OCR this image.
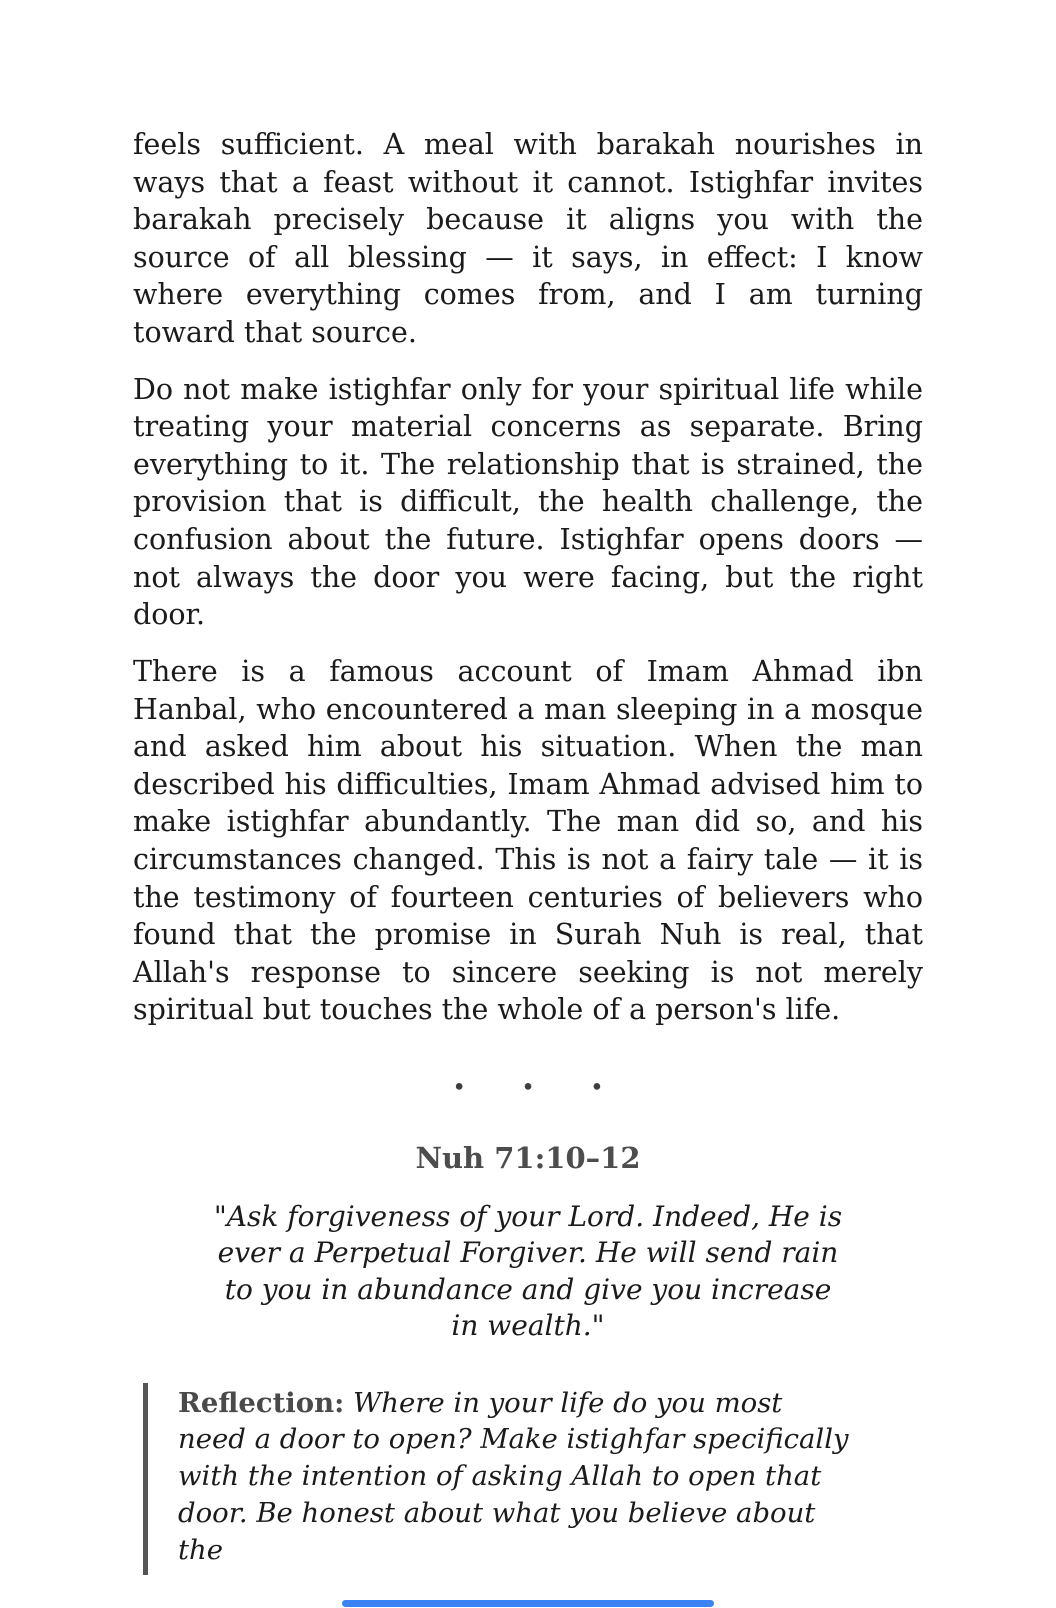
feels sufficient. A meal with barakah nourishes in ways that a feast without it cannot. Istighfar invites barakah precisely because it aligns you with the source of all blessing — it says, in effect: I know where everything comes from, and I am turning toward that source.

Do not make istighfar only for your spiritual life while treating your material concerns as separate. Bring everything to it. The relationship that is strained, the provision that is difficult, the health challenge, the confusion about the future. Istighfar opens doors — not always the door you were facing, but the right door.

There is a famous account of Imam Ahmad ibn Hanbal, who encountered a man sleeping in a mosque and asked him about his situation. When the man described his difficulties, Imam Ahmad advised him to make istighfar abundantly. The man did so, and his circumstances changed. This is not a fairy tale — it is the testimony of fourteen centuries of believers who found that the promise in Surah Nuh is real, that Allah's response to sincere seeking is not merely spiritual but touches the whole of a person's life.

• • •
Nuh 71:10–12

"Ask forgiveness of your Lord. Indeed, He is ever a Perpetual Forgiver. He will send rain to you in abundance and give you increase in wealth."

Reflection: Where in your life do you most need a door to open? Make istighfar specifically with the intention of asking Allah to open that door. Be honest about what you believe about the
